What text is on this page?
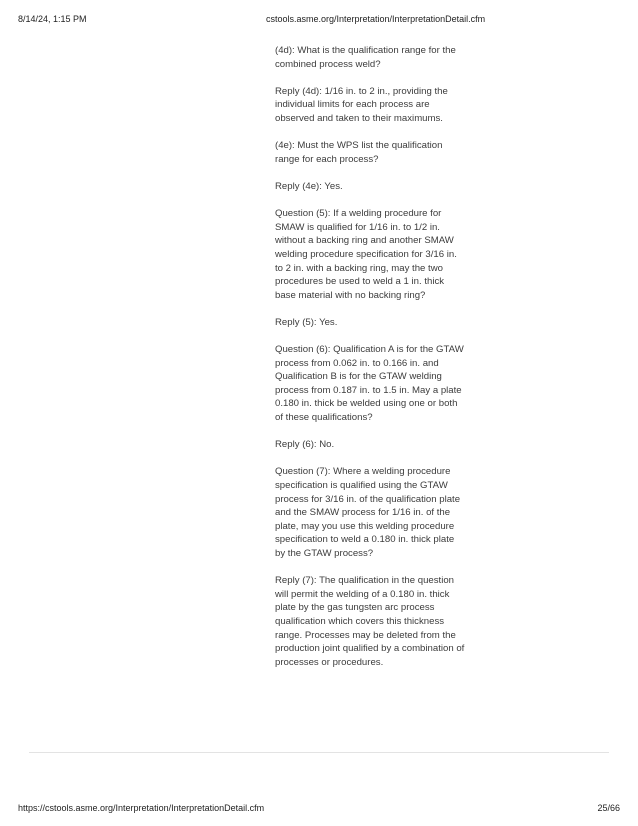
8/14/24, 1:15 PM	cstools.asme.org/Interpretation/InterpretationDetail.cfm

(4d): What is the qualification range for the combined process weld?

Reply (4d): 1/16 in. to 2 in., providing the individual limits for each process are observed and taken to their maximums.

(4e): Must the WPS list the qualification range for each process?

Reply (4e): Yes.

Question (5): If a welding procedure for SMAW is qualified for 1/16 in. to 1/2 in. without a backing ring and another SMAW welding procedure specification for 3/16 in. to 2 in. with a backing ring, may the two procedures be used to weld a 1 in. thick base material with no backing ring?

Reply (5): Yes.

Question (6): Qualification A is for the GTAW process from 0.062 in. to 0.166 in. and Qualification B is for the GTAW welding process from 0.187 in. to 1.5 in. May a plate 0.180 in. thick be welded using one or both of these qualifications?

Reply (6): No.

Question (7): Where a welding procedure specification is qualified using the GTAW process for 3/16 in. of the qualification plate and the SMAW process for 1/16 in. of the plate, may you use this welding procedure specification to weld a 0.180 in. thick plate by the GTAW process?

Reply (7): The qualification in the question will permit the welding of a 0.180 in. thick plate by the gas tungsten arc process qualification which covers this thickness range. Processes may be deleted from the production joint qualified by a combination of processes or procedures.

https://cstools.asme.org/Interpretation/InterpretationDetail.cfm	25/66
